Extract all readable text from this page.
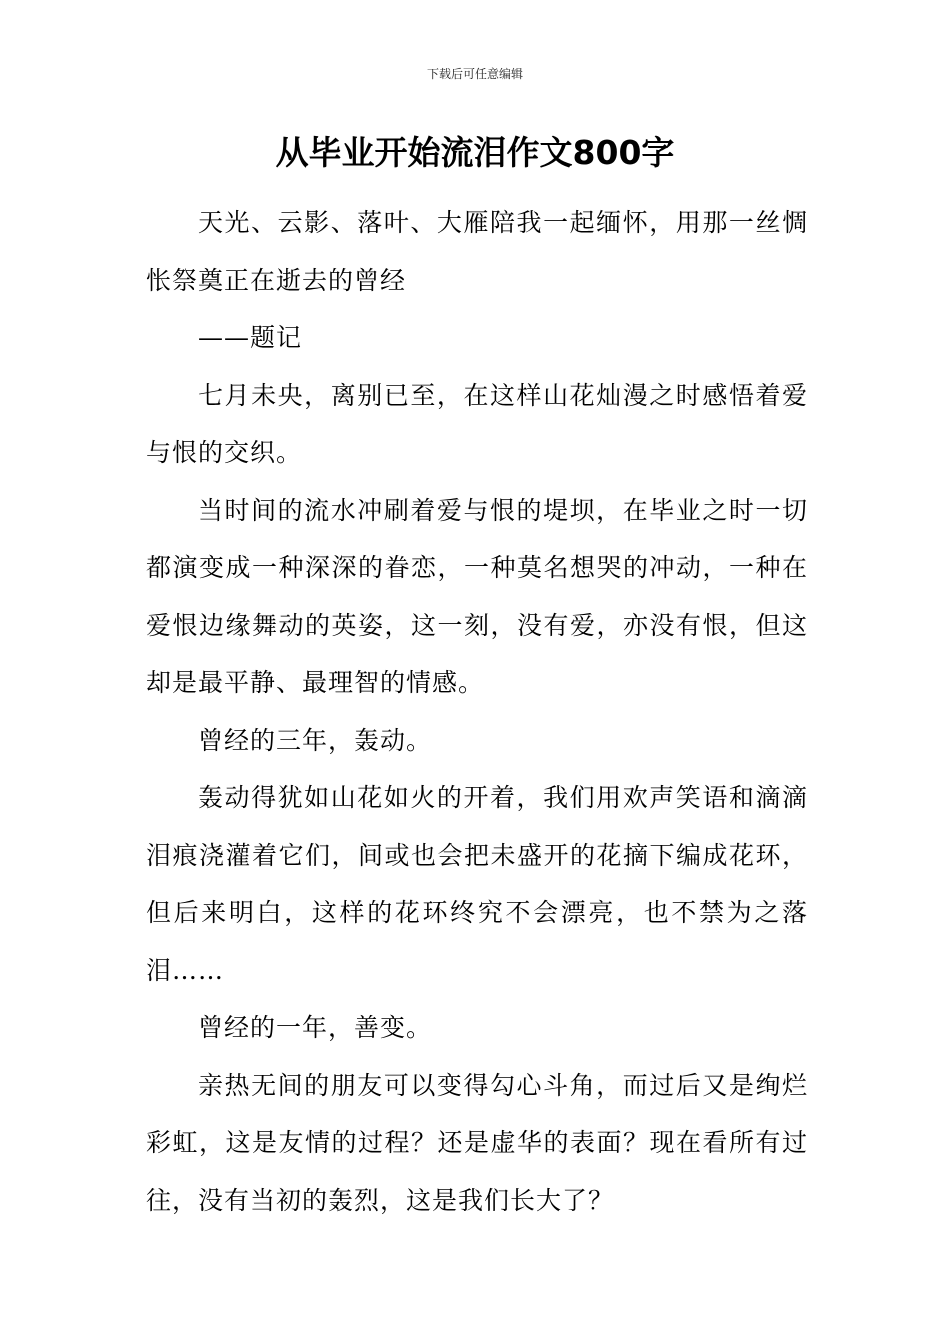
下载后可任意编辑
从毕业开始流泪作文800字

天光、云影、落叶、大雁陪我一起缅怀，用那一丝惆怅祭奠正在逝去的曾经

——题记

七月未央，离别已至，在这样山花灿漫之时感悟着爱与恨的交织。

当时间的流水冲刷着爱与恨的堤坝，在毕业之时一切都演变成一种深深的眷恋，一种莫名想哭的冲动，一种在爱恨边缘舞动的英姿，这一刻，没有爱，亦没有恨，但这却是最平静、最理智的情感。

曾经的三年，轰动。

轰动得犹如山花如火的开着，我们用欢声笑语和滴滴泪痕浇灌着它们，间或也会把未盛开的花摘下编成花环，但后来明白，这样的花环终究不会漂亮，也不禁为之落泪……

曾经的一年，善变。

亲热无间的朋友可以变得勾心斗角，而过后又是绚烂彩虹，这是友情的过程？还是虚华的表面？现在看所有过往，没有当初的轰烈，这是我们长大了？
